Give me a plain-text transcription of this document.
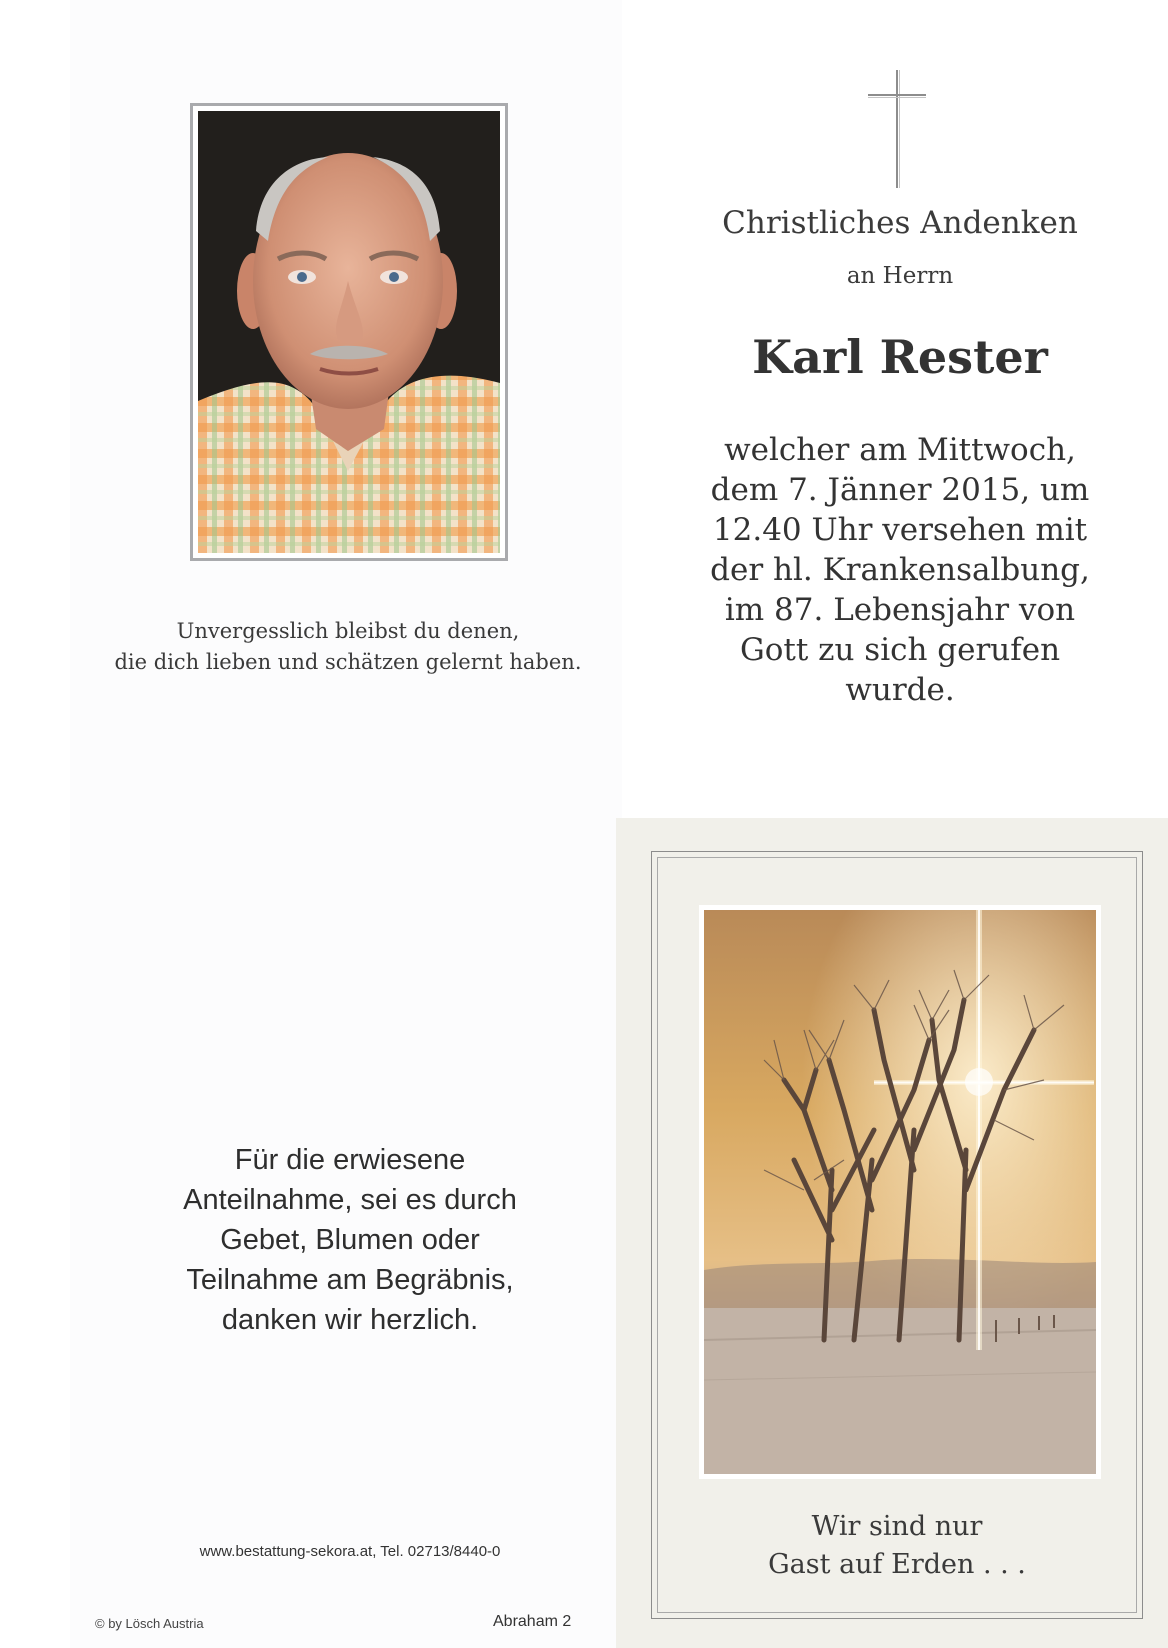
Unvergesslich bleibst du denen,
die dich lieben und schätzen gelernt haben.
Christliches Andenken
an Herrn
Karl Rester
welcher am Mittwoch,
dem 7. Jänner 2015, um
12.40 Uhr versehen mit
der hl. Krankensalbung,
im 87. Lebensjahr von
Gott zu sich gerufen
wurde.
Für die erwiesene
Anteilnahme, sei es durch
Gebet, Blumen oder
Teilnahme am Begräbnis,
danken wir herzlich.
www.bestattung-sekora.at, Tel. 02713/8440-0
© by Lösch Austria	Abraham 2
Wir sind nur
Gast auf Erden . . .
